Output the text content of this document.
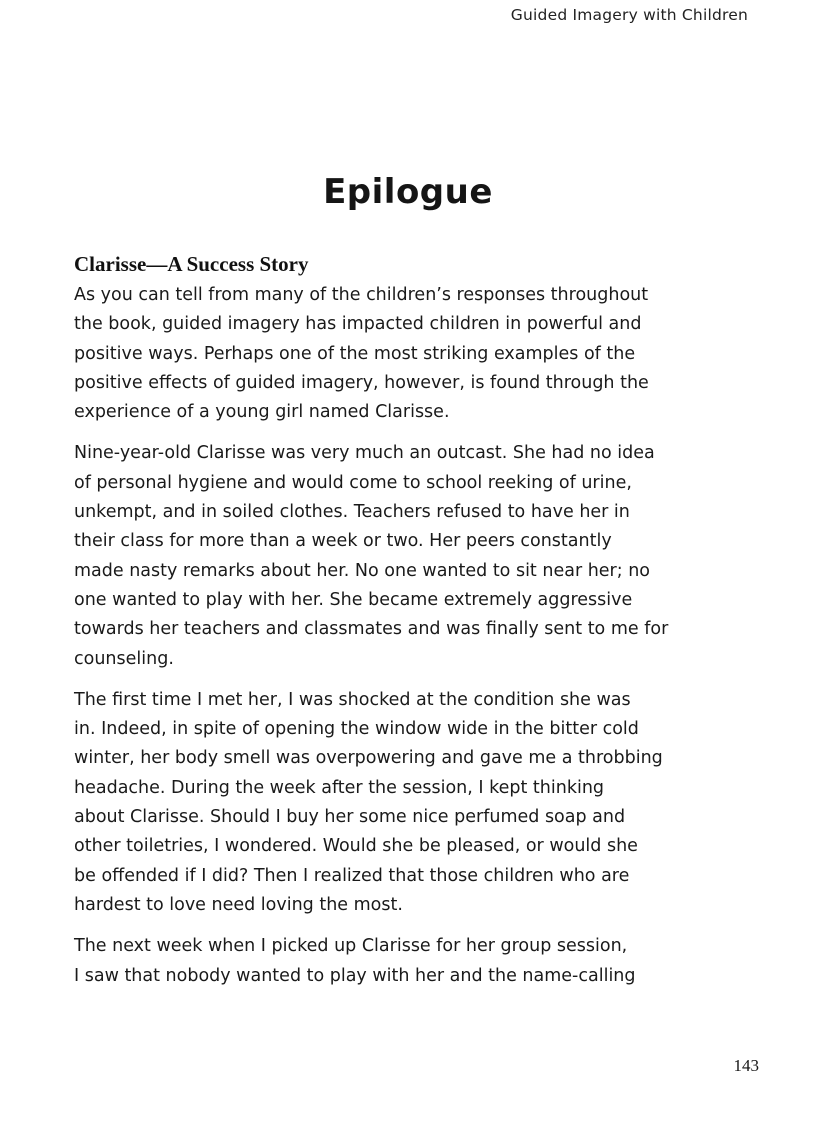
Guided Imagery with Children
Epilogue
Clarisse—A Success Story

As you can tell from many of the children’s responses throughout
the book, guided imagery has impacted children in powerful and
positive ways. Perhaps one of the most striking examples of the
positive effects of guided imagery, however, is found through the
experience of a young girl named Clarisse.

Nine-year-old Clarisse was very much an outcast. She had no idea
of personal hygiene and would come to school reeking of urine,
unkempt, and in soiled clothes. Teachers refused to have her in
their class for more than a week or two. Her peers constantly
made nasty remarks about her. No one wanted to sit near her; no
one wanted to play with her. She became extremely aggressive
towards her teachers and classmates and was finally sent to me for
counseling.

The first time I met her, I was shocked at the condition she was
in. Indeed, in spite of opening the window wide in the bitter cold
winter, her body smell was overpowering and gave me a throbbing
headache. During the week after the session, I kept thinking
about Clarisse. Should I buy her some nice perfumed soap and
other toiletries, I wondered. Would she be pleased, or would she
be offended if I did? Then I realized that those children who are
hardest to love need loving the most.

The next week when I picked up Clarisse for her group session,
I saw that nobody wanted to play with her and the name-calling

143
